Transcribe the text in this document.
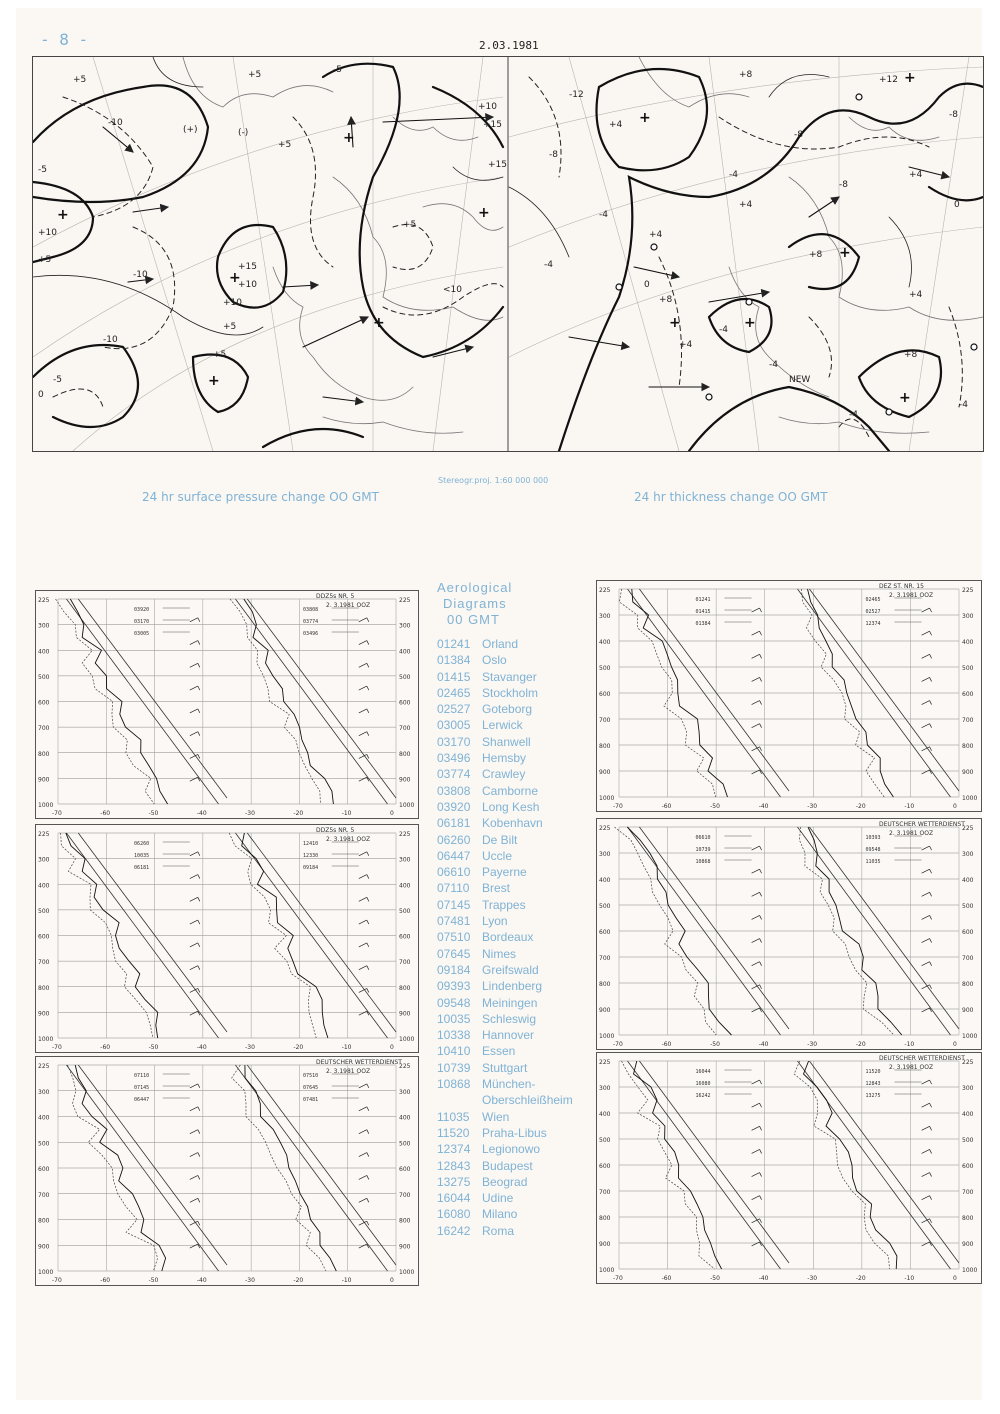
- 8 -	2.03.1981
+5	+5	-5
-10
+10
+15
+10
+15
+5
-5
0
-10
+10
-10
+5
-5
(-)
+15
+10
+5
+5
+5
<10
(+)
+
+
+
+
+
+
-12
+4
+8	+12
-8
-4
-4
+4
-8
-4
+8
+4
-4
0
+4
-8
+4
+8
-4
-4
+4
+8
0
-8
-4
NEW
+
+
+
+
+
+
Stereogr.proj. 1:60 000 000
24 hr surface pressure change OO GMT	24 hr thickness change OO GMT
225	225
300	300
400	400
500	500
600	600
700	700
800	800
900	900
1000	1000
-70	-60	-50	-40	-30	-20	-10	0
03920
03170
03005
03808
03774
03496
DDZ5s NR. 5
2. 3.1981 OOZ
225	225
300	300
400	400
500	500
600	600
700	700
800	800
900	900
1000	1000
-70	-60	-50	-40	-30	-20	-10	0
06260
10035
06181
12410
12330
09184
DDZ5s NR. 5
2. 3.1981 OOZ
225	225
300	300
400	400
500	500
600	600
700	700
800	800
900	900
1000	1000
-70	-60	-50	-40	-30	-20	-10	0
07110
07145
06447
07510
07645
07481
DEUTSCHER WETTERDIENST
2. 3.1981 OOZ
225	225
300	300
400	400
500	500
600	600
700	700
800	800
900	900
1000	1000
-70	-60	-50	-40	-30	-20	-10	0
01241
01415
01384
02465
02527
12374
DEZ ST. NR. 15
2. 3.1981 OOZ
225	225
300	300
400	400
500	500
600	600
700	700
800	800
900	900
1000	1000
-70	-60	-50	-40	-30	-20	-10	0
06610
10739
10868
10393
09548
11035
DEUTSCHER WETTERDIENST
2. 3.1981 OOZ
225	225
300	300
400	400
500	500
600	600
700	700
800	800
900	900
1000	1000
-70	-60	-50	-40	-30	-20	-10	0
16044
16080
16242
11520
12843
13275
DEUTSCHER WETTERDIENST
2. 3.1981 OOZ
Aerological
Diagrams
00 GMT
01241 Orland
01384 Oslo
01415 Stavanger
02465 Stockholm
02527 Goteborg
03005 Lerwick
03170 Shanwell
03496 Hemsby
03774 Crawley
03808 Camborne
03920 Long Kesh
06181 Kobenhavn
06260 De Bilt
06447 Uccle
06610 Payerne
07110	Brest
07145 Trappes
07481 Lyon
07510 Bordeaux
07645 Nimes
09184 Greifswald
09393 Lindenberg
09548 Meiningen
10035 Schleswig
10338 Hannover
10410 Essen
10739 Stuttgart
10868 München-
Oberschleißheim
11035	Wien
11520	Praha-Libus
12374 Legionowo
12843 Budapest
13275 Beograd
16044 Udine
16080 Milano
16242 Roma
